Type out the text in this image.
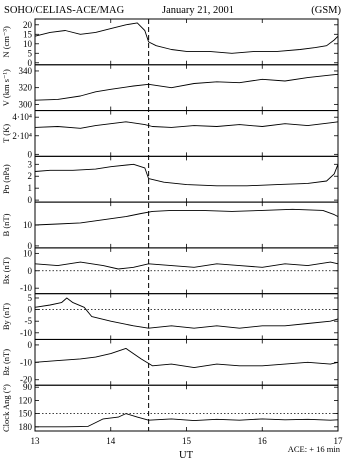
SOHO/CELIAS-ACE/MAG	January 21, 2001	(GSM)
0
5
10
15
20
N (cm⁻³)
300
320
340
V (km s⁻¹)
0
2·10⁴
4·10⁴
T (K)
0
1
2
3
Pᴅ (nPa)
0
10
B (nT)
-10
0
10
Bx (nT)
-10
-5
0
5
By (nT)
-20
-10
0
Bz (nT)
90
120
150
180
Clock Ang (°)
13	14	15	16	17
UT
ACE: + 16 min
